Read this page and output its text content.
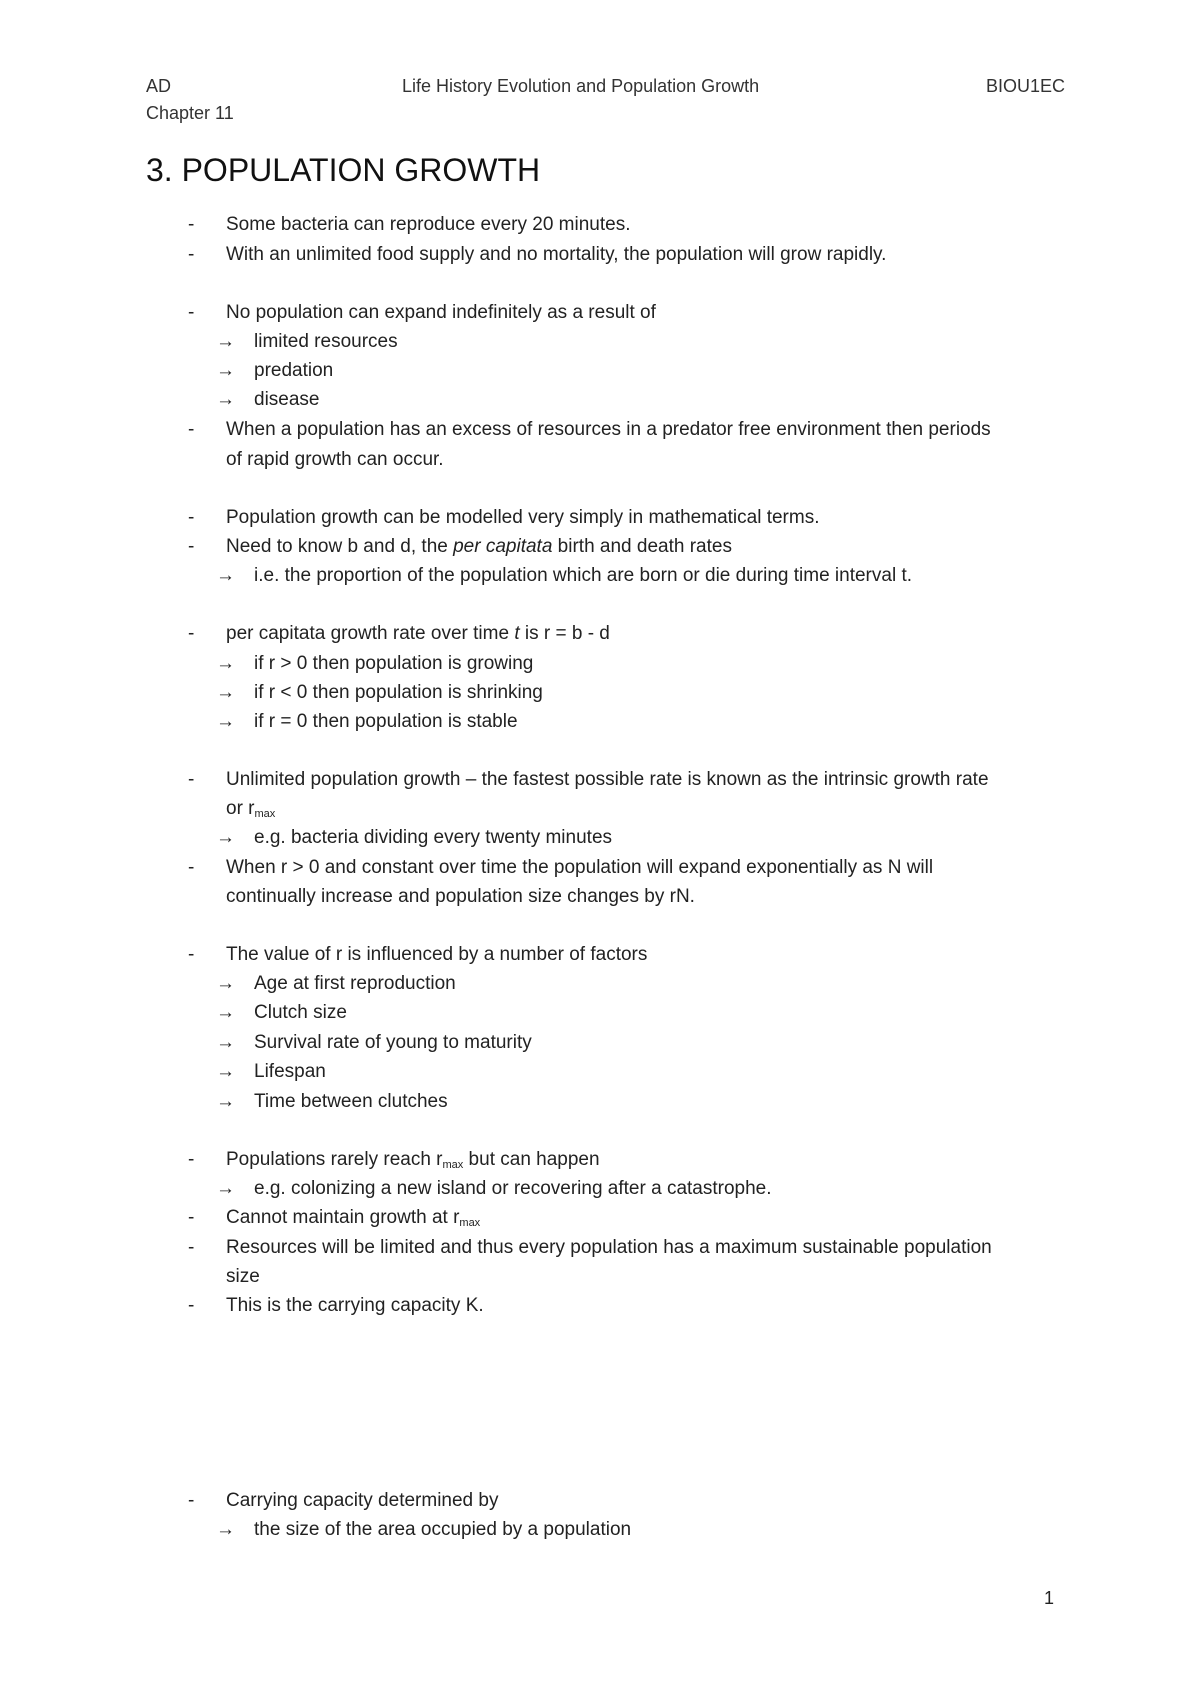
AD	Life History Evolution and Population Growth	BIOU1EC
Chapter 11
3. POPULATION GROWTH
- Some bacteria can reproduce every 20 minutes.
- With an unlimited food supply and no mortality, the population will grow rapidly.
- No population can expand indefinitely as a result of
→ limited resources
→ predation
→ disease
- When a population has an excess of resources in a predator free environment then periods
of rapid growth can occur.
- Population growth can be modelled very simply in mathematical terms.
- Need to know b and d, the per capitata birth and death rates
→ i.e. the proportion of the population which are born or die during time interval t.
- per capitata growth rate over time t is r = b - d
→ if r > 0 then population is growing
→ if r < 0 then population is shrinking
→ if r = 0 then population is stable
- Unlimited population growth – the fastest possible rate is known as the intrinsic growth rate
or $r_{max}$
→ e.g. bacteria dividing every twenty minutes
- When r > 0 and constant over time the population will expand exponentially as N will
continually increase and population size changes by rN.
- The value of r is influenced by a number of factors
→ Age at first reproduction
→ Clutch size
→ Survival rate of young to maturity
→ Lifespan
→ Time between clutches
- Populations rarely reach $r_{max}$ but can happen
→ e.g. colonizing a new island or recovering after a catastrophe.
- Cannot maintain growth at $r_{max}$
- Resources will be limited and thus every population has a maximum sustainable population
size
- This is the carrying capacity K.
- Carrying capacity determined by
→ the size of the area occupied by a population
1
